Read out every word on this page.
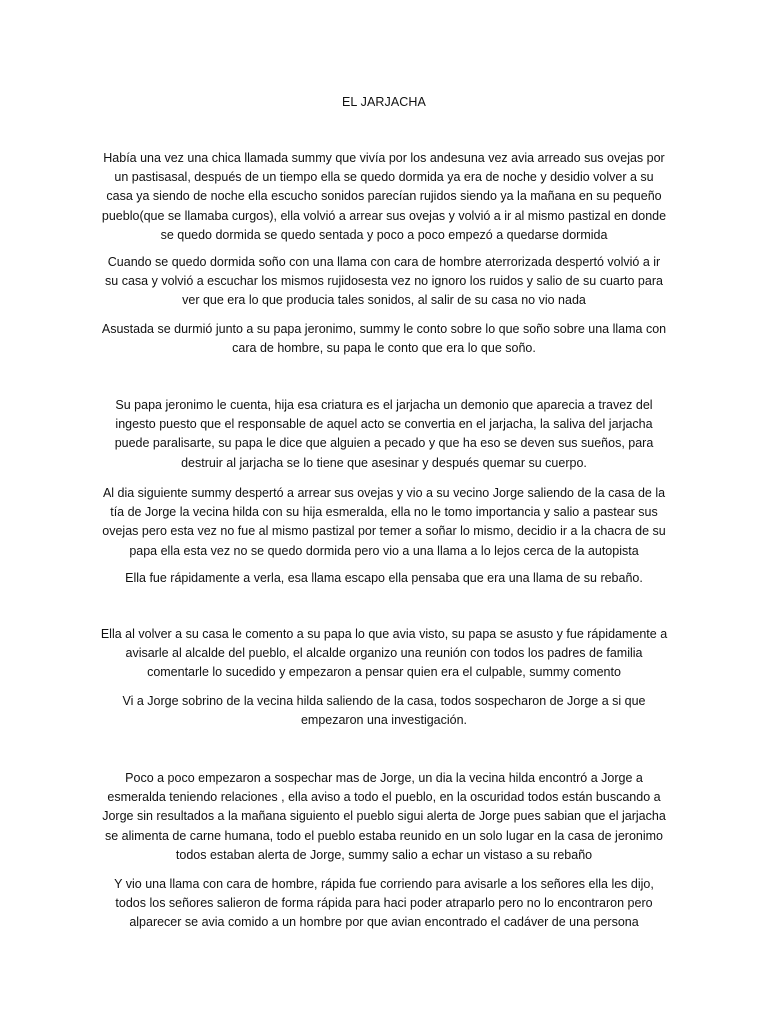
EL JARJACHA

Había una vez una chica llamada summy que vivía por los andesuna vez avia arreado sus ovejas por un pastisasal, después de un tiempo ella se quedo dormida ya era de noche y desidio volver a su casa ya siendo de noche ella escucho sonidos parecían rujidos siendo ya la mañana en su pequeño pueblo(que se llamaba curgos), ella volvió a arrear sus ovejas y volvió a ir al mismo pastizal en donde se quedo dormida se quedo sentada y poco a poco empezó a quedarse dormida

Cuando se quedo dormida soño con una llama con cara de hombre aterrorizada despertó volvió a ir su casa y volvió a escuchar los mismos rujidosesta vez no ignoro los ruidos y salio de su cuarto para ver que era lo que producia tales sonidos, al salir de su casa no vio nada

Asustada se durmió junto a su papa jeronimo, summy le conto sobre lo que soño sobre una llama con cara de hombre, su papa le conto que era lo que soño.

Su papa jeronimo le cuenta, hija esa criatura es el jarjacha un demonio que aparecia a travez del ingesto puesto que el responsable de aquel acto se convertia en el jarjacha, la saliva del jarjacha puede paralisarte, su papa le dice que alguien a pecado y que ha eso se deven sus sueños, para destruir al jarjacha se lo tiene que asesinar y después quemar su cuerpo.

Al dia siguiente summy despertó a arrear sus ovejas y vio a su vecino Jorge saliendo de la casa de la tía de Jorge la vecina hilda con su hija esmeralda, ella no le tomo importancia y salio a pastear sus ovejas pero esta vez no fue al mismo pastizal por temer a soñar lo mismo, decidio ir a la chacra de su papa ella esta vez no se quedo dormida pero vio a una llama a lo lejos cerca de la autopista

Ella fue rápidamente a verla, esa llama escapo ella pensaba que era una llama de su rebaño.

Ella al volver a su casa le comento a su papa lo que avia visto, su papa se asusto y fue rápidamente a avisarle al alcalde del pueblo, el alcalde organizo una reunión con todos los padres de familia comentarle lo sucedido y empezaron a pensar quien era el culpable, summy comento

Vi a Jorge sobrino de la vecina hilda saliendo de la casa, todos sospecharon de Jorge a si que empezaron una investigación.

Poco a poco empezaron a sospechar mas de Jorge, un dia la vecina hilda encontró a Jorge a esmeralda teniendo relaciones , ella aviso a todo el pueblo, en la oscuridad todos están buscando a Jorge sin resultados a la mañana siguiento el pueblo sigui alerta de Jorge pues sabian que el jarjacha se alimenta de carne humana, todo el pueblo estaba reunido en un solo lugar en la casa de jeronimo todos estaban alerta de Jorge, summy salio a echar un vistaso a su rebaño

Y vio una llama con cara de hombre, rápida fue corriendo para avisarle a los señores ella les dijo, todos los señores salieron de forma rápida para haci poder atraparlo pero no lo encontraron pero alparecer se avia comido a un hombre por que avian encontrado el cadáver de una persona
